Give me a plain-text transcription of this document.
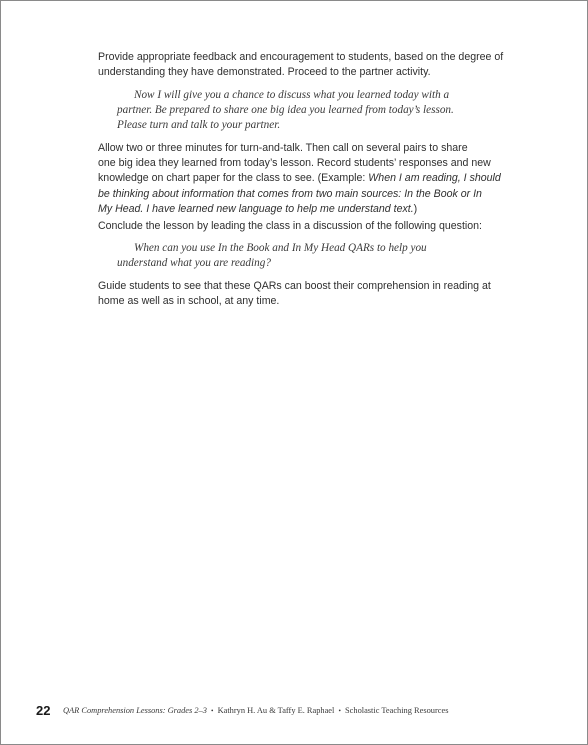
Provide appropriate feedback and encouragement to students, based on the degree of
understanding they have demonstrated. Proceed to the partner activity.
Now I will give you a chance to discuss what you learned today with a
partner. Be prepared to share one big idea you learned from today’s lesson.
Please turn and talk to your partner.
Allow two or three minutes for turn-and-talk. Then call on several pairs to share
one big idea they learned from today’s lesson. Record students’ responses and new
knowledge on chart paper for the class to see. (Example: When I am reading, I should
be thinking about information that comes from two main sources: In the Book or In
My Head. I have learned new language to help me understand text.)
Conclude the lesson by leading the class in a discussion of the following question:
When can you use In the Book and In My Head QARs to help you
understand what you are reading?
Guide students to see that these QARs can boost their comprehension in reading at
home as well as in school, at any time.
22 QAR Comprehension Lessons: Grades 2–3 • Kathryn H. Au & Taffy E. Raphael • Scholastic Teaching Resources
